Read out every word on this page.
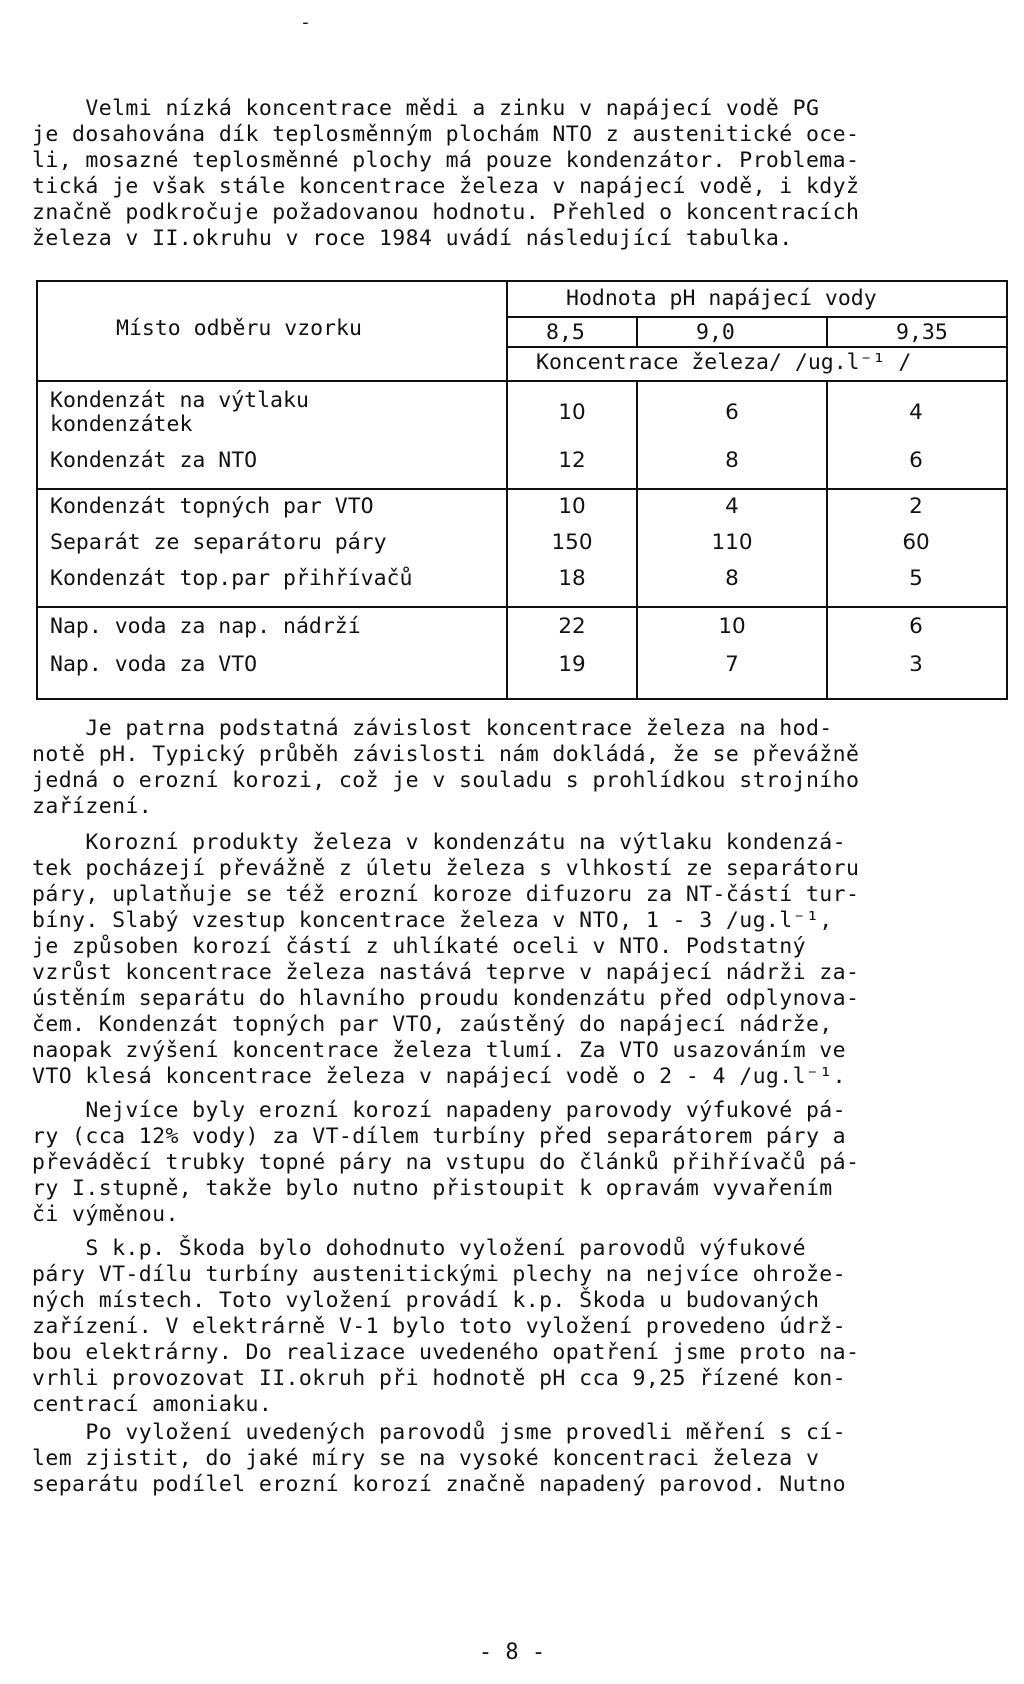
-
Velmi nízká koncentrace mědi a zinku v napájecí vodě PG
je dosahována dík teplosměnným plochám NTO z austenitické oce-
li, mosazné teplosměnné plochy má pouze kondenzátor. Problema-
tická je však stále koncentrace železa v napájecí vodě, i když
značně podkročuje požadovanou hodnotu. Přehled o koncentracích
železa v II.okruhu v roce 1984 uvádí následující tabulka.
Místo odběru vzorku
Hodnota pH napájecí vody
8,5	9,0	9,35
Koncentrace železa/ /ug.l⁻¹ /
Kondenzát na výtlaku
kondenzátek	10	6	4
Kondenzát za NTO	12	8	6
Kondenzát topných par VTO	10	4	2
Separát ze separátoru páry	150	110	60
Kondenzát top.par přihřívačů	18	8	5
Nap. voda za nap. nádrží	22	10	6
Nap. voda za VTO	19	7	3
Je patrna podstatná závislost koncentrace železa na hod-
notě pH. Typický průběh závislosti nám dokládá, že se převážně
jedná o erozní korozi, což je v souladu s prohlídkou strojního
zařízení.
Korozní produkty železa v kondenzátu na výtlaku kondenzá-
tek pocházejí převážně z úletu železa s vlhkostí ze separátoru
páry, uplatňuje se též erozní koroze difuzoru za NT-částí tur-
bíny. Slabý vzestup koncentrace železa v NTO, 1 - 3 /ug.l⁻¹,
je způsoben korozí částí z uhlíkaté oceli v NTO. Podstatný
vzrůst koncentrace železa nastává teprve v napájecí nádrži za-
ústěním separátu do hlavního proudu kondenzátu před odplynova-
čem. Kondenzát topných par VTO, zaústěný do napájecí nádrže,
naopak zvýšení koncentrace železa tlumí. Za VTO usazováním ve
VTO klesá koncentrace železa v napájecí vodě o 2 - 4 /ug.l⁻¹.
Nejvíce byly erozní korozí napadeny parovody výfukové pá-
ry (cca 12% vody) za VT-dílem turbíny před separátorem páry a
převáděcí trubky topné páry na vstupu do článků přihřívačů pá-
ry I.stupně, takže bylo nutno přistoupit k opravám vyvařením
či výměnou.
S k.p. Škoda bylo dohodnuto vyložení parovodů výfukové
páry VT-dílu turbíny austenitickými plechy na nejvíce ohrože-
ných místech. Toto vyložení provádí k.p. Škoda u budovaných
zařízení. V elektrárně V-1 bylo toto vyložení provedeno údrž-
bou elektrárny. Do realizace uvedeného opatření jsme proto na-
vrhli provozovat II.okruh při hodnotě pH cca 9,25 řízené kon-
centrací amoniaku.
Po vyložení uvedených parovodů jsme provedli měření s cí-
lem zjistit, do jaké míry se na vysoké koncentraci železa v
separátu podílel erozní korozí značně napadený parovod. Nutno
- 8 -
